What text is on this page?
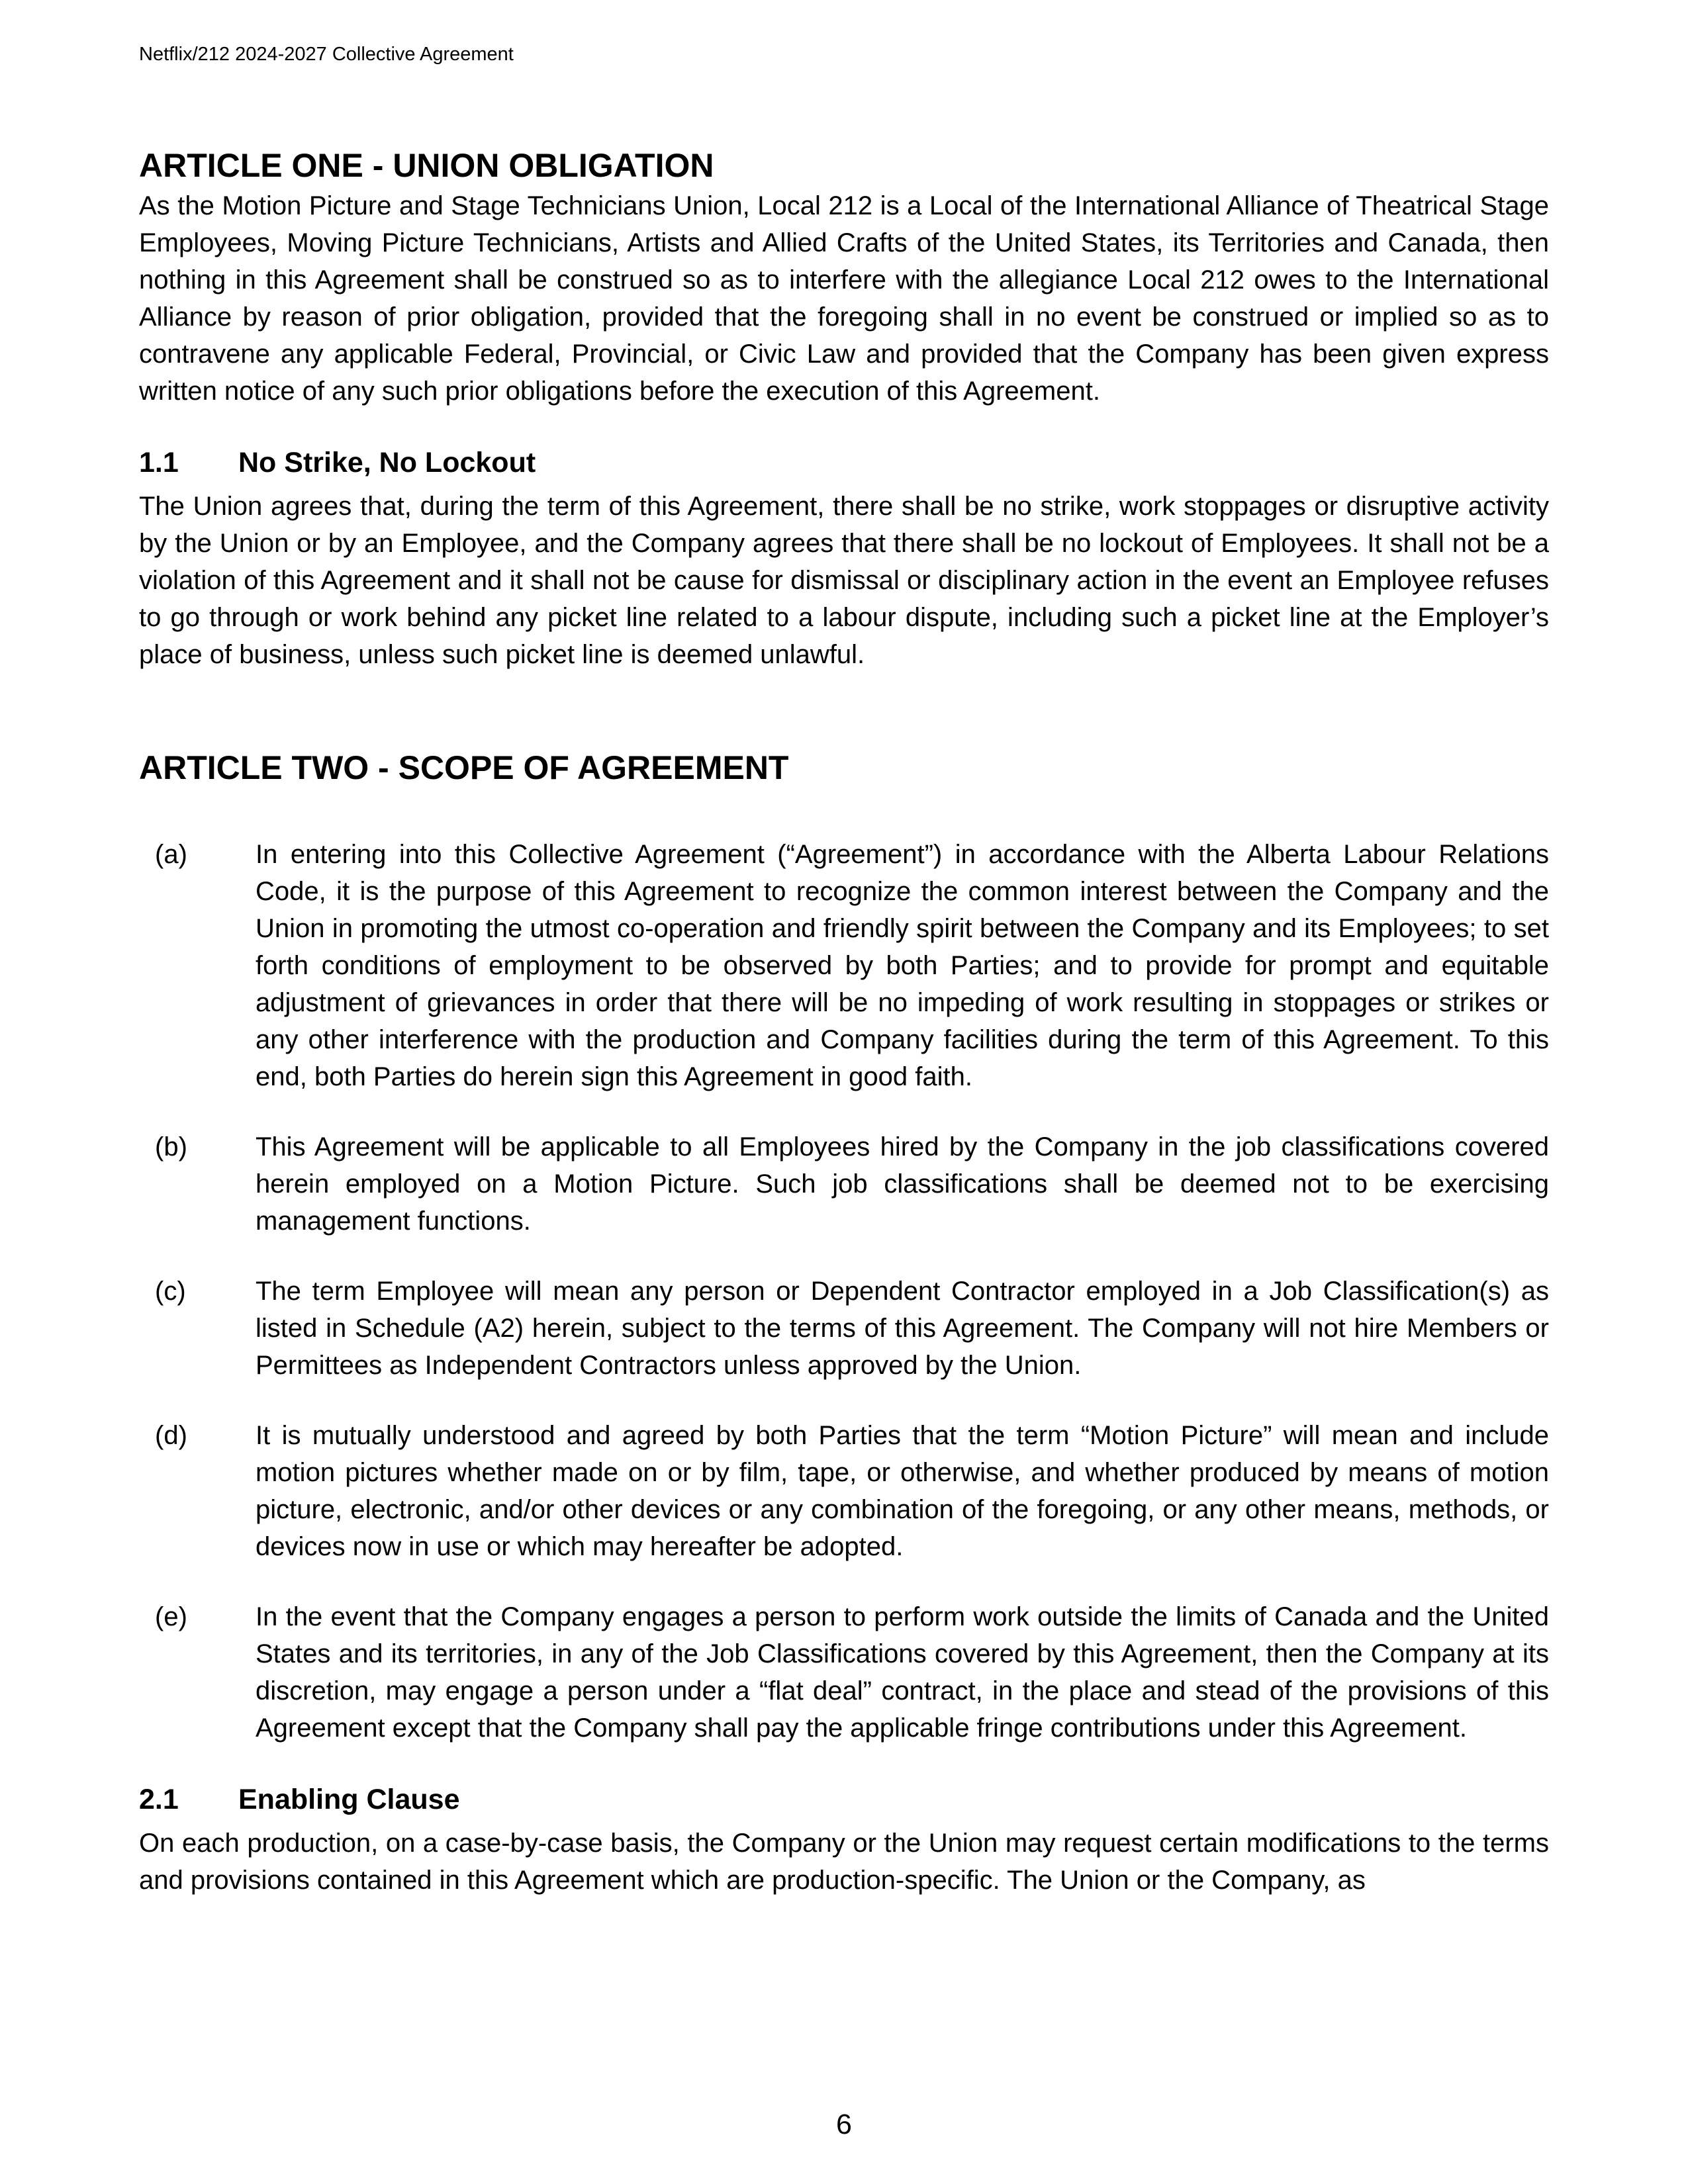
Netflix/212 2024-2027 Collective Agreement
ARTICLE ONE - UNION OBLIGATION

As the Motion Picture and Stage Technicians Union, Local 212 is a Local of the International Alliance of Theatrical Stage Employees, Moving Picture Technicians, Artists and Allied Crafts of the United States, its Territories and Canada, then nothing in this Agreement shall be construed so as to interfere with the allegiance Local 212 owes to the International Alliance by reason of prior obligation, provided that the foregoing shall in no event be construed or implied so as to contravene any applicable Federal, Provincial, or Civic Law and provided that the Company has been given express written notice of any such prior obligations before the execution of this Agreement.

1.1	No Strike, No Lockout

The Union agrees that, during the term of this Agreement, there shall be no strike, work stoppages or disruptive activity by the Union or by an Employee, and the Company agrees that there shall be no lockout of Employees. It shall not be a violation of this Agreement and it shall not be cause for dismissal or disciplinary action in the event an Employee refuses to go through or work behind any picket line related to a labour dispute, including such a picket line at the Employer’s place of business, unless such picket line is deemed unlawful.

ARTICLE TWO - SCOPE OF AGREEMENT
(a)	In entering into this Collective Agreement (“Agreement”) in accordance with the Alberta Labour Relations Code, it is the purpose of this Agreement to recognize the common interest between the Company and the Union in promoting the utmost co-operation and friendly spirit between the Company and its Employees; to set forth conditions of employment to be observed by both Parties; and to provide for prompt and equitable adjustment of grievances in order that there will be no impeding of work resulting in stoppages or strikes or any other interference with the production and Company facilities during the term of this Agreement. To this end, both Parties do herein sign this Agreement in good faith.
(b)	This Agreement will be applicable to all Employees hired by the Company in the job classifications covered herein employed on a Motion Picture. Such job classifications shall be deemed not to be exercising management functions.
(c)	The term Employee will mean any person or Dependent Contractor employed in a Job Classification(s) as listed in Schedule (A2) herein, subject to the terms of this Agreement. The Company will not hire Members or Permittees as Independent Contractors unless approved by the Union.
(d)	It is mutually understood and agreed by both Parties that the term “Motion Picture” will mean and include motion pictures whether made on or by film, tape, or otherwise, and whether produced by means of motion picture, electronic, and/or other devices or any combination of the foregoing, or any other means, methods, or devices now in use or which may hereafter be adopted.
(e)	In the event that the Company engages a person to perform work outside the limits of Canada and the United States and its territories, in any of the Job Classifications covered by this Agreement, then the Company at its discretion, may engage a person under a “flat deal” contract, in the place and stead of the provisions of this Agreement except that the Company shall pay the applicable fringe contributions under this Agreement.
2.1	Enabling Clause

On each production, on a case-by-case basis, the Company or the Union may request certain modifications to the terms and provisions contained in this Agreement which are production-specific. The Union or the Company, as

6
